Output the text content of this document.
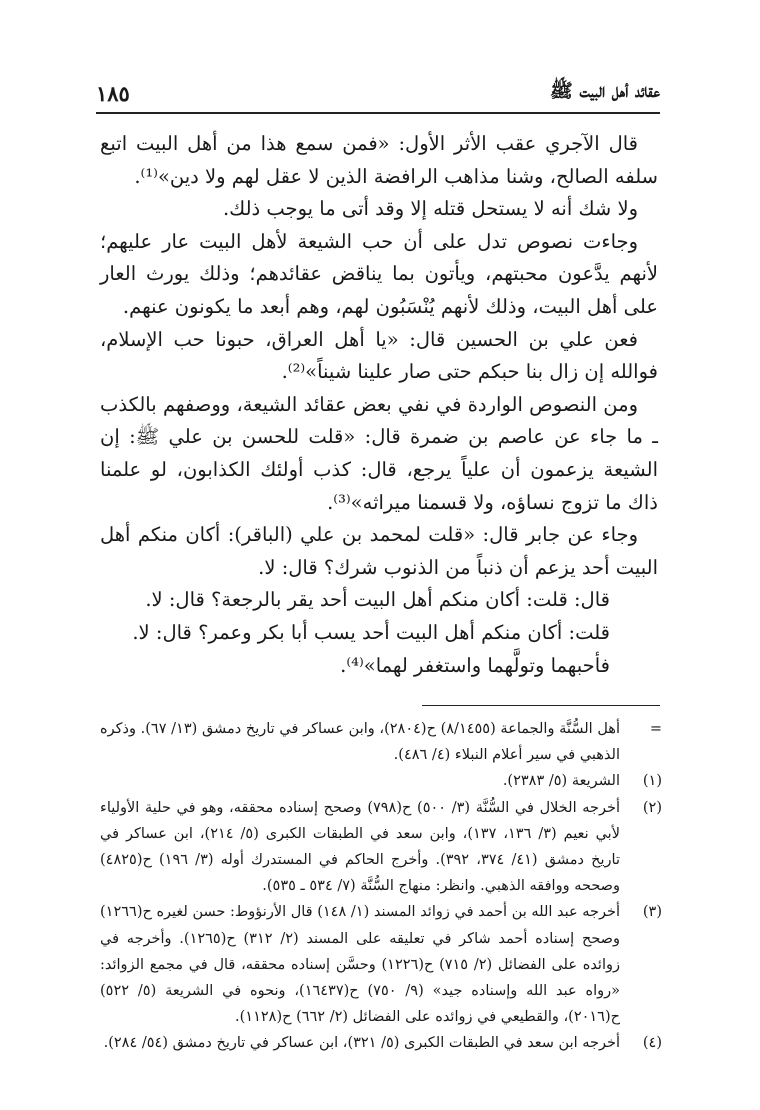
عقائد أهل البيت ﷺ
١٨٥

قال الآجري عقب الأثر الأول: «فمن سمع هذا من أهل البيت اتبع سلفه الصالح، وشنا مذاهب الرافضة الذين لا عقل لهم ولا دين»⁽¹⁾.

ولا شك أنه لا يستحل قتله إلا وقد أتى ما يوجب ذلك.

وجاءت نصوص تدل على أن حب الشيعة لأهل البيت عار عليهم؛ لأنهم يدَّعون محبتهم، ويأتون بما يناقض عقائدهم؛ وذلك يورث العار على أهل البيت، وذلك لأنهم يُنْسَبُون لهم، وهم أبعد ما يكونون عنهم.

فعن علي بن الحسين قال: «يا أهل العراق، حبونا حب الإسلام، فوالله إن زال بنا حبكم حتى صار علينا شيناً»⁽²⁾.

ومن النصوص الواردة في نفي بعض عقائد الشيعة، ووصفهم بالكذب ـ ما جاء عن عاصم بن ضمرة قال: «قلت للحسن بن علي ﷺ: إن الشيعة يزعمون أن علياً يرجع، قال: كذب أولئك الكذابون، لو علمنا ذاك ما تزوج نساؤه، ولا قسمنا ميراثه»⁽³⁾.

وجاء عن جابر قال: «قلت لمحمد بن علي (الباقر): أكان منكم أهل البيت أحد يزعم أن ذنباً من الذنوب شرك؟ قال: لا.

قال: قلت: أكان منكم أهل البيت أحد يقر بالرجعة؟ قال: لا.

قلت: أكان منكم أهل البيت أحد يسب أبا بكر وعمر؟ قال: لا.

فأحبهما وتولَّهما واستغفر لهما»⁽⁴⁾.

=
أهل السُّنَّة والجماعة (٨/١٤٥٥) ح(٢٨٠٤)، وابن عساكر في تاريخ دمشق (١٣/ ٦٧). وذكره الذهبي في سير أعلام النبلاء (٤/ ٤٨٦).
(١)
الشريعة (٥/ ٢٣٨٣).
(٢)
أخرجه الخلال في السُّنَّة (٣/ ٥٠٠) ح(٧٩٨) وصحح إسناده محققه، وهو في حلية الأولياء لأبي نعيم (٣/ ١٣٦، ١٣٧)، وابن سعد في الطبقات الكبرى (٥/ ٢١٤)، ابن عساكر في تاريخ دمشق (٤١/ ٣٧٤، ٣٩٢). وأخرج الحاكم في المستدرك أوله (٣/ ١٩٦) ح(٤٨٢٥) وصححه ووافقه الذهبي. وانظر: منهاج السُّنَّة (٧/ ٥٣٤ ـ ٥٣٥).
(٣)
أخرجه عبد الله بن أحمد في زوائد المسند (١/ ١٤٨) قال الأرنؤوط: حسن لغيره ح(١٢٦٦) وصحح إسناده أحمد شاكر في تعليقه على المسند (٢/ ٣١٢) ح(١٢٦٥). وأخرجه في زوائده على الفضائل (٢/ ٧١٥) ح(١٢٢٦) وحسَّن إسناده محققه، قال في مجمع الزوائد: «رواه عبد الله وإسناده جيد» (٩/ ٧٥٠) ح(١٦٤٣٧)، ونحوه في الشريعة (٥/ ٥٢٢) ح(٢٠١٦)، والقطيعي في زوائده على الفضائل (٢/ ٦٦٢) ح(١١٢٨).
(٤)
أخرجه ابن سعد في الطبقات الكبرى (٥/ ٣٢١)، ابن عساكر في تاريخ دمشق (٥٤/ ٢٨٤).
